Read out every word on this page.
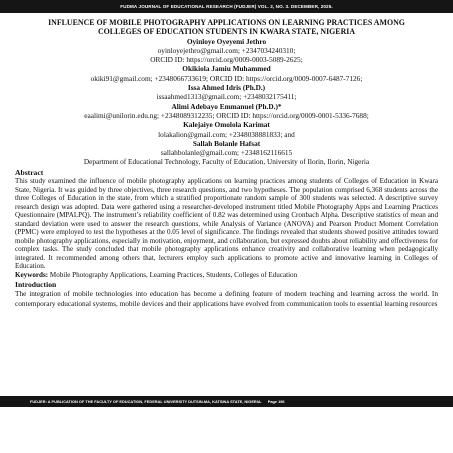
FUDMA JOURNAL OF EDUCATIONAL RESEARCH (FUDJER) VOL. 2, NO. 3. DECEMBER, 2025.
INFLUENCE OF MOBILE PHOTOGRAPHY APPLICATIONS ON LEARNING PRACTICES AMONG COLLEGES OF EDUCATION STUDENTS IN KWARA STATE, NIGERIA
Oyinloye Oyeyemi Jethro
oyinloyejethro@gmail.com; +2347034240310;
ORCID ID: https://orcid.org/0009-0003-5089-2625;
Okikiola Jamiu Muhammed
okiki91@gmail.com; +2348066733619; ORCID ID: https://orcid.org/0009-0007-6487-7126;
Issa Ahmed Idris (Ph.D.)
issaahmed1313@gmail.com; +2348032175411;
Alimi Adebayo Emmanuel (Ph.D.)*
eaalimi@unilorin.edu.ng; +2348089312235; ORCID ID: https://orcid.org/0009-0001-5336-7688;
Kalejaiye Omolola Karimat
lolakalion@gmail.com; +2348038881833; and
Sallah Bolanle Hafsat
sallahbolanle@gmail.com; +2348162116615
Department of Educational Technology, Faculty of Education, University of Ilorin, Ilorin, Nigeria
Abstract
This study examined the influence of mobile photography applications on learning practices among students of Colleges of Education in Kwara State, Nigeria. It was guided by three objectives, three research questions, and two hypotheses. The population comprised 6,368 students across the three Colleges of Education in the state, from which a stratified proportionate random sample of 300 students was selected. A descriptive survey research design was adopted. Data were gathered using a researcher-developed instrument titled Mobile Photography Apps and Learning Practices Questionnaire (MPALPQ). The instrument’s reliability coefficient of 0.82 was determined using Cronbach Alpha. Descriptive statistics of mean and standard deviation were used to answer the research questions, while Analysis of Variance (ANOVA) and Pearson Product Moment Correlation (PPMC) were employed to test the hypotheses at the 0.05 level of significance. The findings revealed that students showed positive attitudes toward mobile photography applications, especially in motivation, enjoyment, and collaboration, but expressed doubts about reliability and effectiveness for complex tasks. The study concluded that mobile photography applications enhance creativity and collaborative learning when pedagogically integrated. It recommended among others that, lecturers employ such applications to promote active and innovative learning in Colleges of Education.
Keywords: Mobile Photography Applications, Learning Practices, Students, Colleges of Education
Introduction
The integration of mobile technologies into education has become a defining feature of modern teaching and learning across the world. In contemporary educational systems, mobile devices and their applications have evolved from communication tools to essential learning resources
FUDJER: A PUBLICATION OF THE FACULTY OF EDUCATION, FEDERAL UNIVERSITY DUTSIN-MA, KATSINA STATE, NIGERIA. Page 196
